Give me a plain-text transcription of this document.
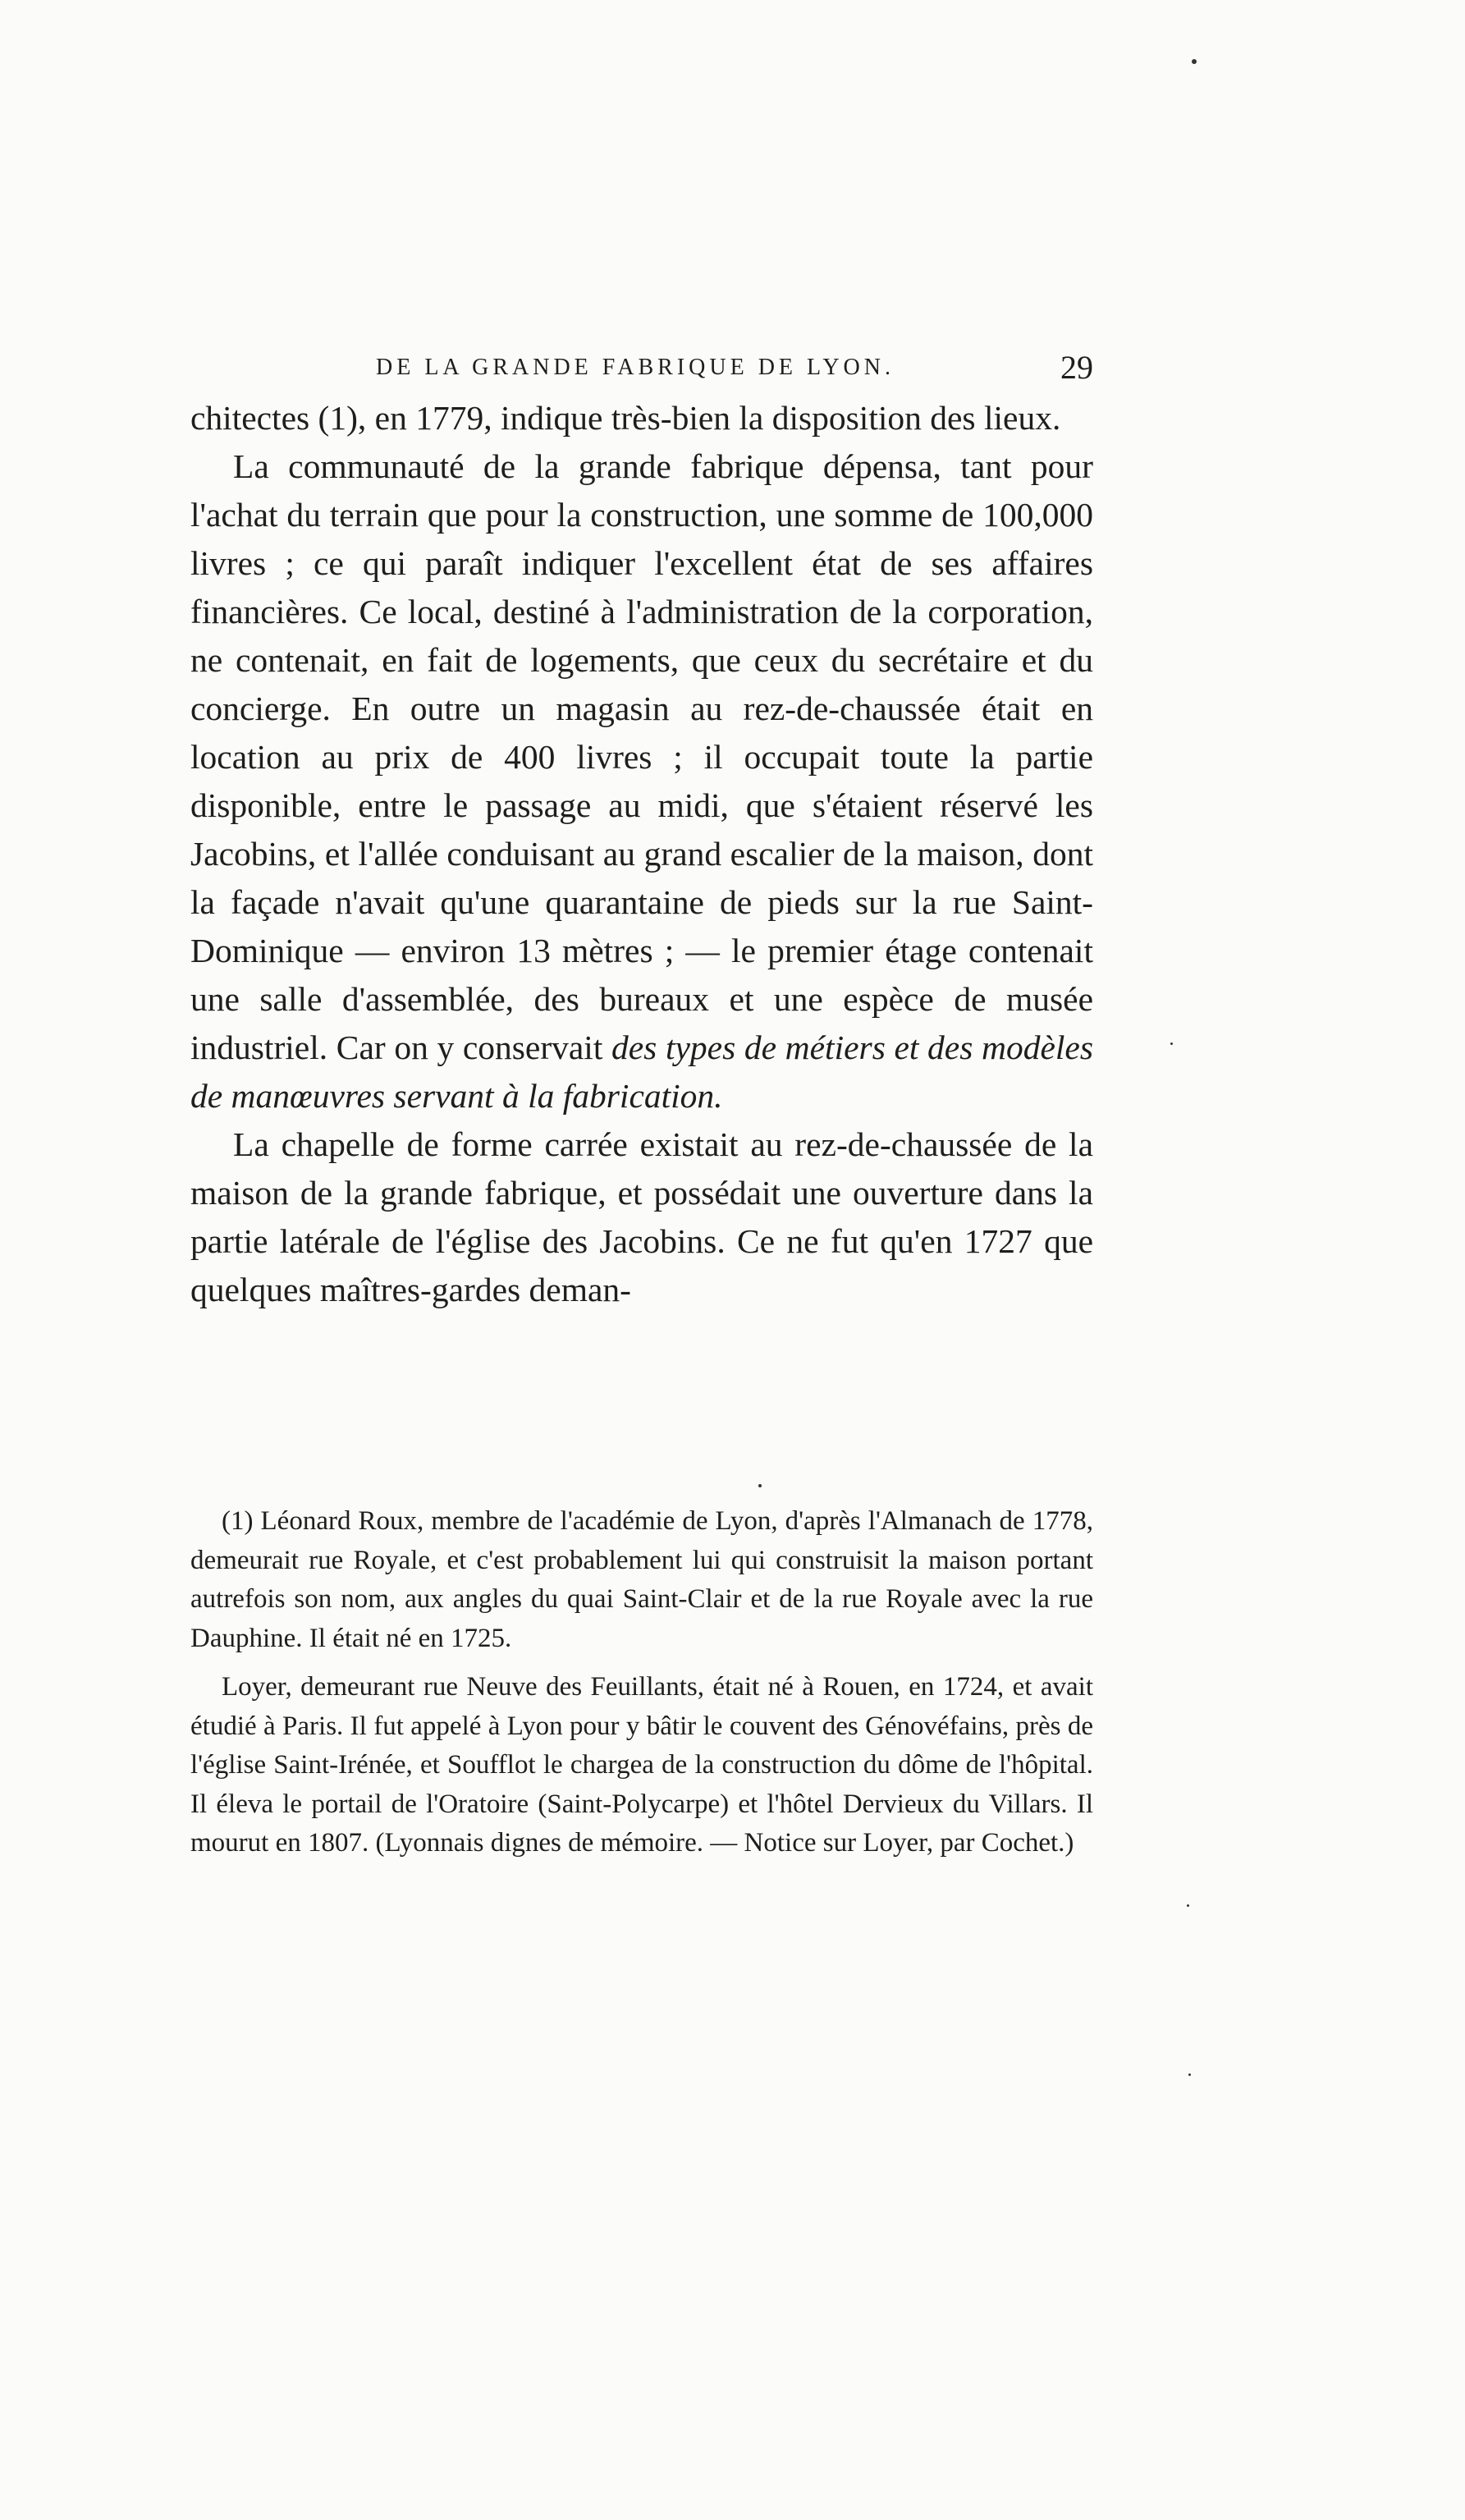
DE LA GRANDE FABRIQUE DE LYON.	29

chitectes (1), en 1779, indique très-bien la disposition des lieux.

La communauté de la grande fabrique dépensa, tant pour l'achat du terrain que pour la construction, une somme de 100,000 livres ; ce qui paraît indiquer l'excellent état de ses affaires financières. Ce local, destiné à l'administration de la corporation, ne contenait, en fait de logements, que ceux du secrétaire et du concierge. En outre un magasin au rez-de-chaussée était en location au prix de 400 livres ; il occupait toute la partie disponible, entre le passage au midi, que s'étaient réservé les Jacobins, et l'allée conduisant au grand escalier de la maison, dont la façade n'avait qu'une quarantaine de pieds sur la rue Saint-Dominique — environ 13 mètres ; — le premier étage contenait une salle d'assemblée, des bureaux et une espèce de musée industriel. Car on y conservait des types de métiers et des modèles de manœuvres servant à la fabrication.

La chapelle de forme carrée existait au rez-de-chaussée de la maison de la grande fabrique, et possédait une ouverture dans la partie latérale de l'église des Jacobins. Ce ne fut qu'en 1727 que quelques maîtres-gardes deman-

(1) Léonard Roux, membre de l'académie de Lyon, d'après l'Almanach de 1778, demeurait rue Royale, et c'est probablement lui qui construisit la maison portant autrefois son nom, aux angles du quai Saint-Clair et de la rue Royale avec la rue Dauphine. Il était né en 1725.

Loyer, demeurant rue Neuve des Feuillants, était né à Rouen, en 1724, et avait étudié à Paris. Il fut appelé à Lyon pour y bâtir le couvent des Génovéfains, près de l'église Saint-Irénée, et Soufflot le chargea de la construction du dôme de l'hôpital. Il éleva le portail de l'Oratoire (Saint-Polycarpe) et l'hôtel Dervieux du Villars. Il mourut en 1807. (Lyonnais dignes de mémoire. — Notice sur Loyer, par Cochet.)
